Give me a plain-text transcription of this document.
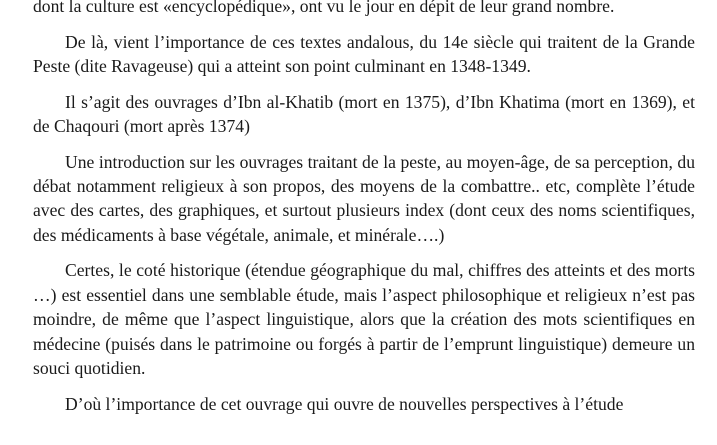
dont la culture est «encyclopédique», ont vu le jour en dépit de leur grand nombre.

De là, vient l’importance de ces textes andalous, du 14e siècle qui traitent de la Grande Peste (dite Ravageuse) qui a atteint son point culminant en 1348-1349.

Il s’agit des ouvrages d’Ibn al-Khatib (mort en 1375), d’Ibn Khatima (mort en 1369), et de Chaqouri (mort après 1374)

Une introduction sur les ouvrages traitant de la peste, au moyen-âge, de sa perception, du débat notamment religieux à son propos, des moyens de la combattre.. etc, complète l’étude avec des cartes, des graphiques, et surtout plusieurs index (dont ceux des noms scientifiques, des médicaments à base végétale, animale, et minérale….)

Certes, le coté historique (étendue géographique du mal, chiffres des atteints et des morts …) est essentiel dans une semblable étude, mais l’aspect philosophique et religieux n’est pas moindre, de même que l’aspect linguistique, alors que la création des mots scientifiques en médecine (puisés dans le patrimoine ou forgés à partir de l’emprunt linguistique) demeure un souci quotidien.

D’où l’importance de cet ouvrage qui ouvre de nouvelles perspectives à l’étude
